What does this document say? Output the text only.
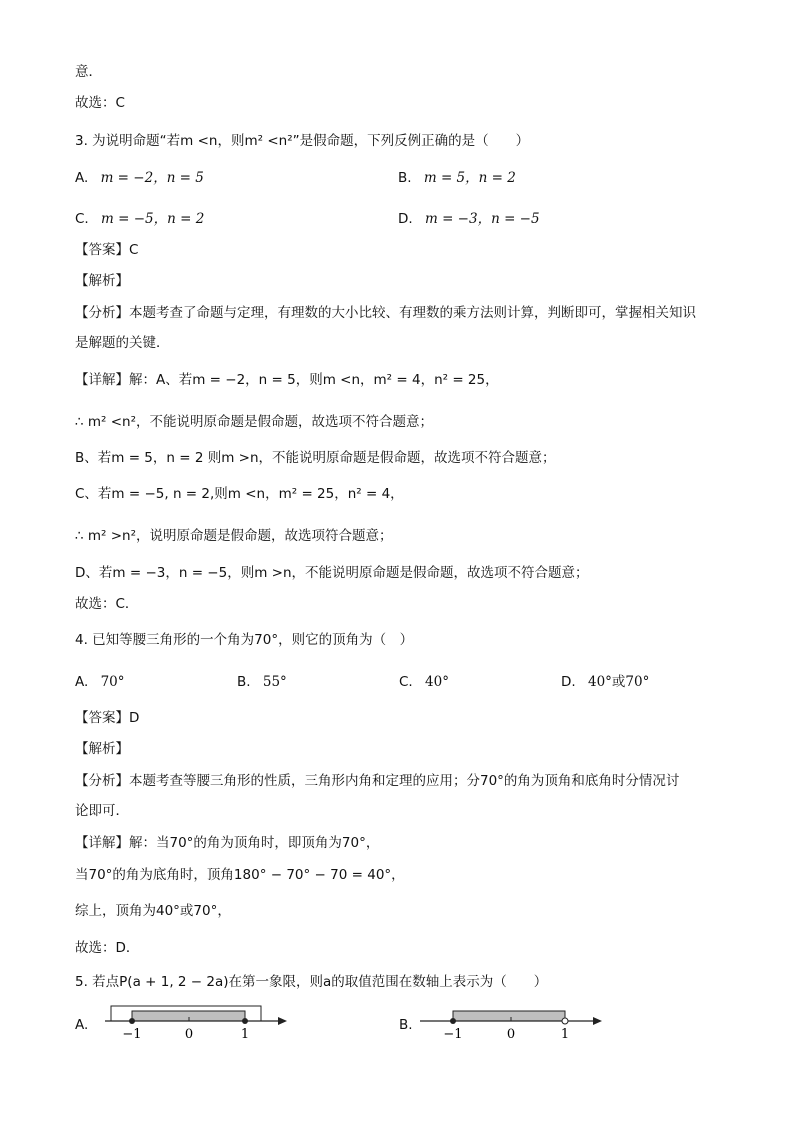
意．
故选：C
3. 为说明命题“若m <n，则m² <n²”是假命题，下列反例正确的是（　　）
A. m = −2，n = 5	B. m = 5，n = 2
C. m = −5，n = 2	D. m = −3，n = −5
【答案】C
【解析】
【分析】本题考查了命题与定理，有理数的大小比较、有理数的乘方法则计算，判断即可，掌握相关知识
是解题的关键．
【详解】解：A、若m = −2，n = 5，则m <n，m² = 4，n² = 25，
∴ m² <n²，不能说明原命题是假命题，故选项不符合题意；
B、若m = 5，n = 2 则m >n，不能说明原命题是假命题，故选项不符合题意；
C、若m = −5, n = 2,则m <n，m² = 25，n² = 4，
∴ m² >n²，说明原命题是假命题，故选项符合题意；
D、若m = −3，n = −5，则m >n，不能说明原命题是假命题，故选项不符合题意；
故选：C．
4. 已知等腰三角形的一个角为70°，则它的顶角为（　）
A. 70°	B. 55°	C. 40°	D. 40°或70°
【答案】D
【解析】
【分析】本题考查等腰三角形的性质，三角形内角和定理的应用；分70°的角为顶角和底角时分情况讨
论即可．
【详解】解：当70°的角为顶角时，即顶角为70°，
当70°的角为底角时，顶角180° − 70° − 70 = 40°，
综上，顶角为40°或70°，
故选：D．
5. 若点P(a + 1, 2 − 2a)在第一象限，则a的取值范围在数轴上表示为（　　）
A.
−1	0	1
B.
−1	0	1
